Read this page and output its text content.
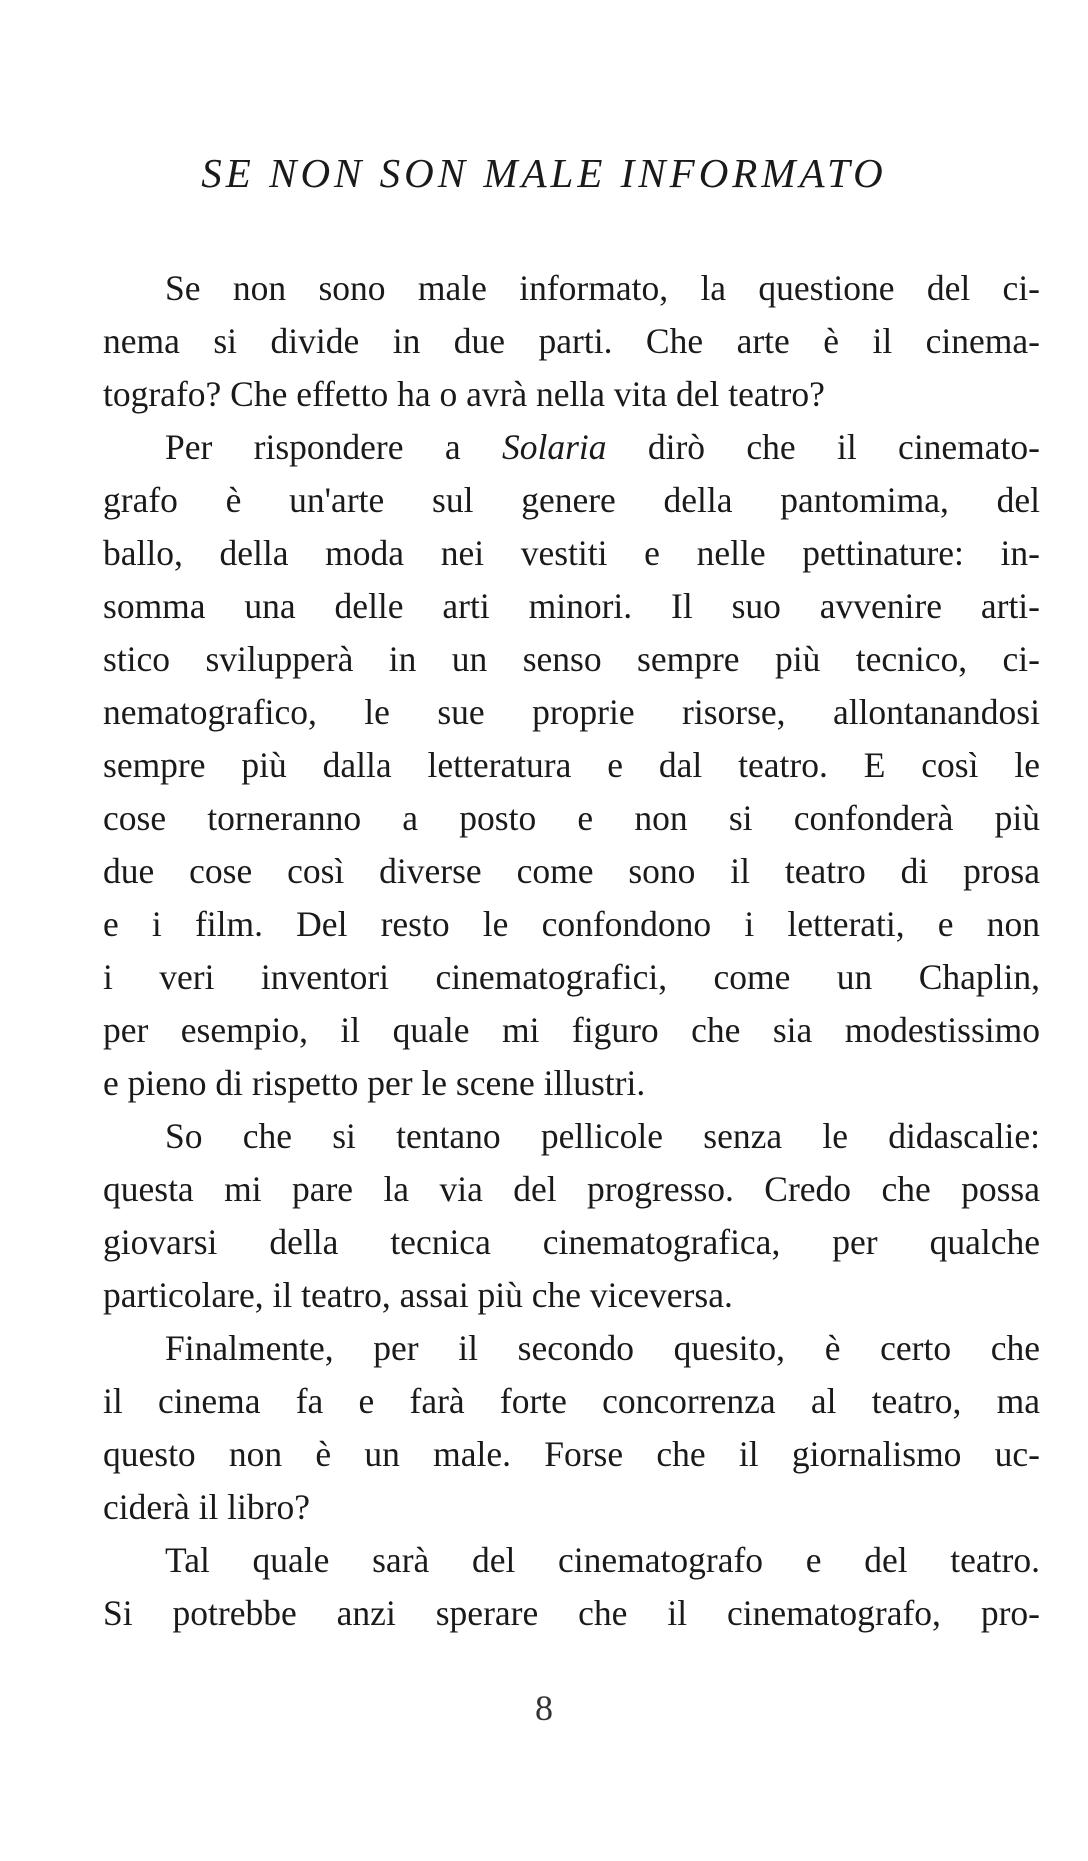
SE NON SON MALE INFORMATO
Se non sono male informato, la questione del ci-
nema si divide in due parti. Che arte è il cinema-
tografo? Che effetto ha o avrà nella vita del teatro?
Per rispondere a Solaria dirò che il cinemato-
grafo è un'arte sul genere della pantomima, del
ballo, della moda nei vestiti e nelle pettinature: in-
somma una delle arti minori. Il suo avvenire arti-
stico svilupperà in un senso sempre più tecnico, ci-
nematografico, le sue proprie risorse, allontanandosi
sempre più dalla letteratura e dal teatro. E così le
cose torneranno a posto e non si confonderà più
due cose così diverse come sono il teatro di prosa
e i film. Del resto le confondono i letterati, e non
i veri inventori cinematografici, come un Chaplin,
per esempio, il quale mi figuro che sia modestissimo
e pieno di rispetto per le scene illustri.
So che si tentano pellicole senza le didascalie:
questa mi pare la via del progresso. Credo che possa
giovarsi della tecnica cinematografica, per qualche
particolare, il teatro, assai più che viceversa.
Finalmente, per il secondo quesito, è certo che
il cinema fa e farà forte concorrenza al teatro, ma
questo non è un male. Forse che il giornalismo uc-
ciderà il libro?
Tal quale sarà del cinematografo e del teatro.
Si potrebbe anzi sperare che il cinematografo, pro-
8
